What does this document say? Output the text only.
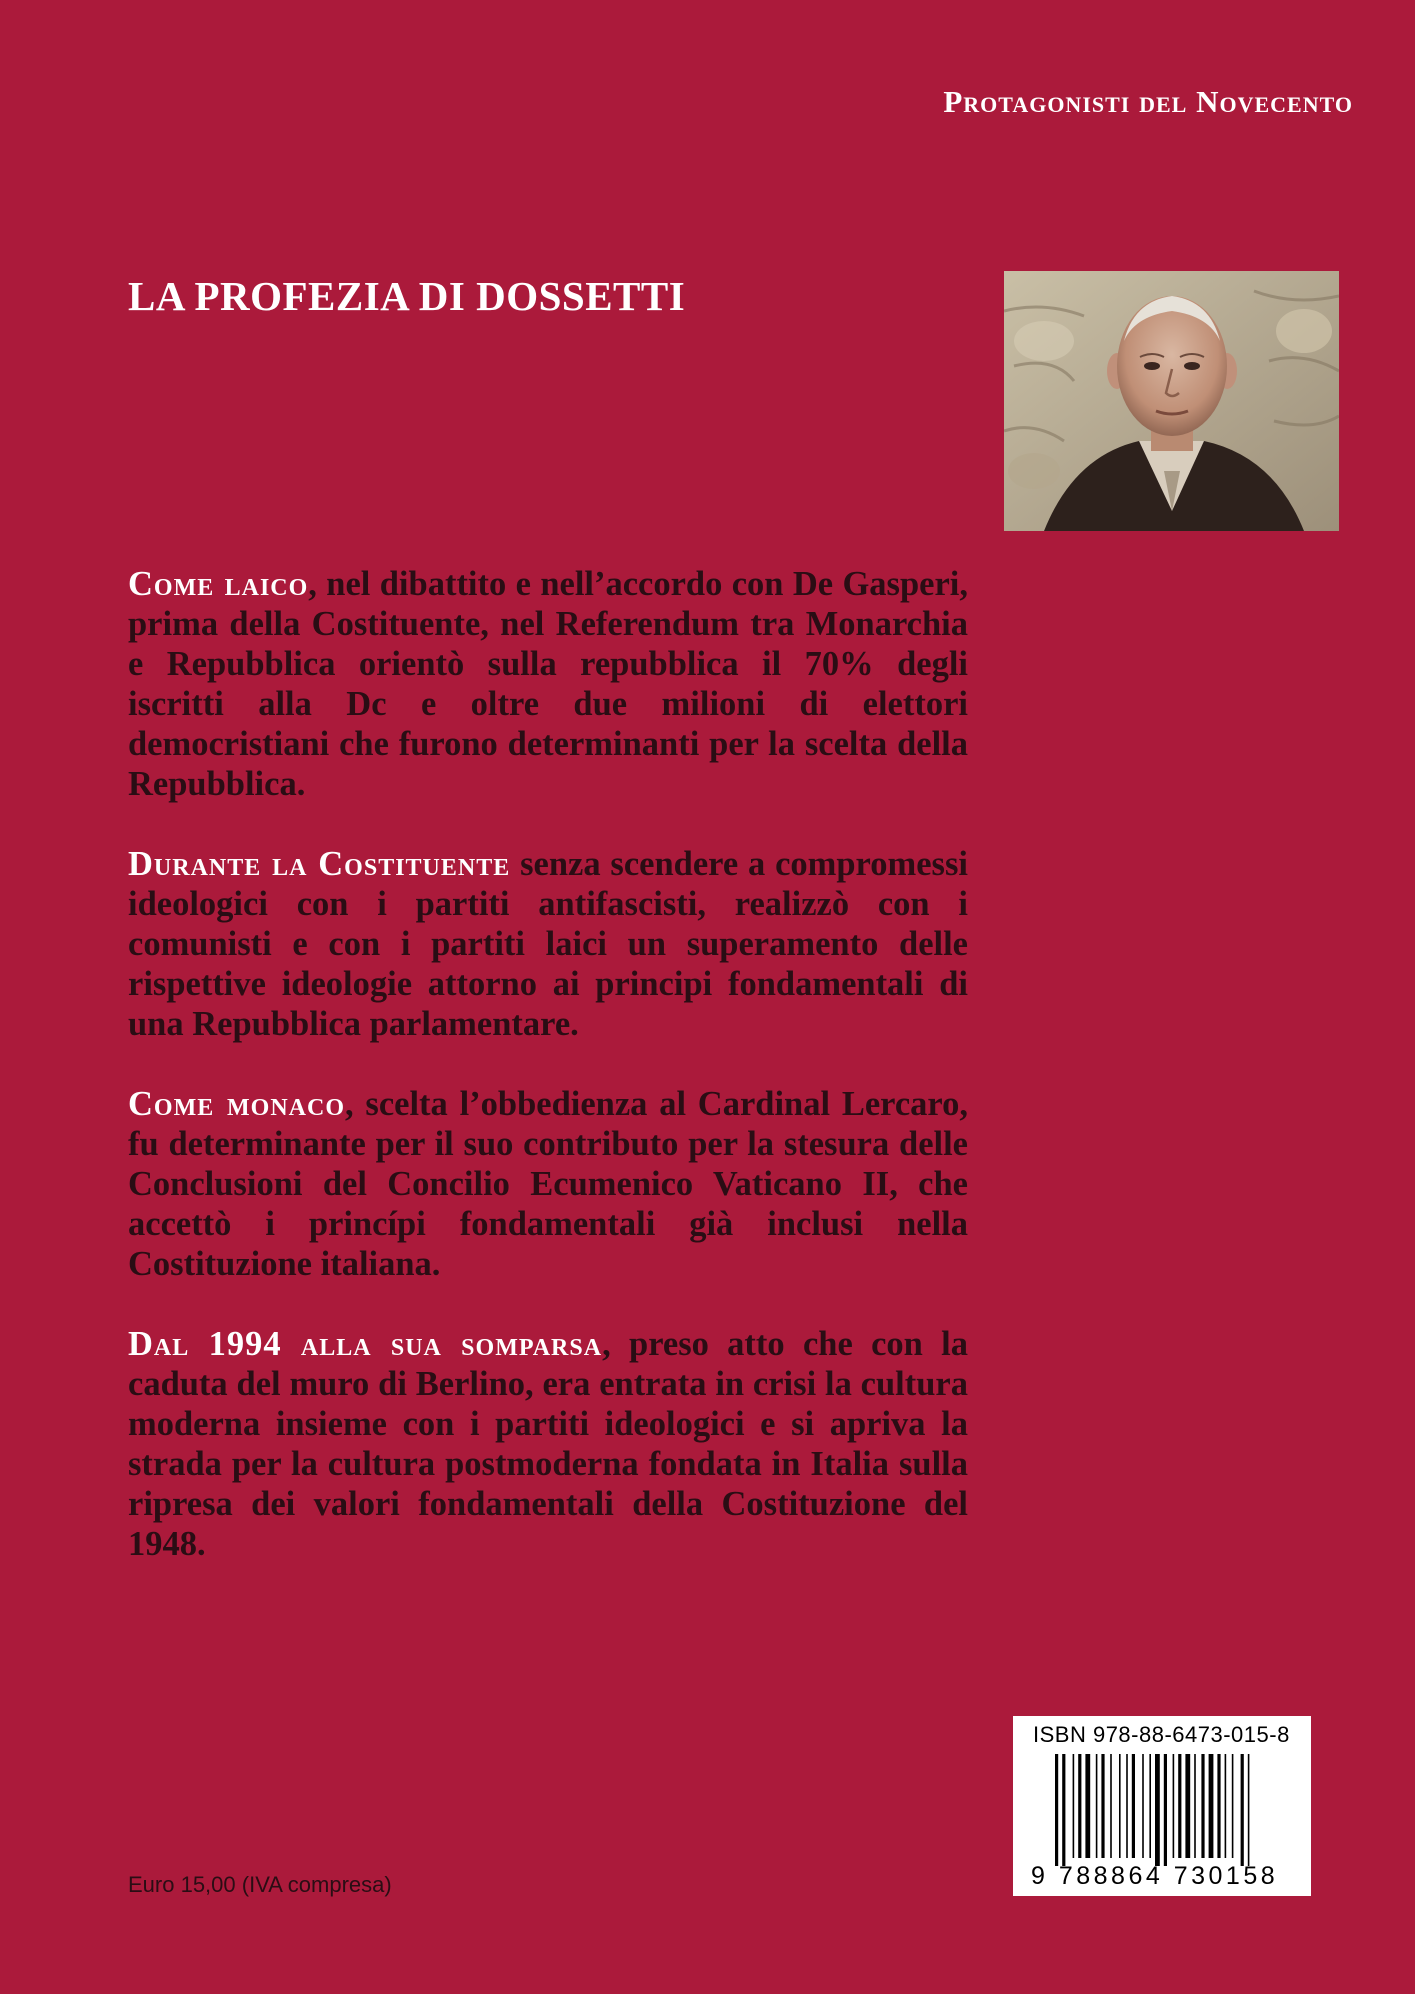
Protagonisti del Novecento
LA PROFEZIA DI DOSSETTI

Come laico, nel dibattito e nell’accordo con De Gasperi, prima della Costituente, nel Referendum tra Monarchia e Repubblica orientò sulla repubblica il 70% degli iscritti alla Dc e oltre due milioni di elettori democristiani che furono determinanti per la scelta della Repubblica.

Durante la Costituente senza scendere a compromessi ideologici con i partiti antifascisti, realizzò con i comunisti e con i partiti laici un superamento delle rispettive ideologie attorno ai principi fondamentali di una Repubblica parlamentare.

Come monaco, scelta l’obbedienza al Cardinal Lercaro, fu determinante per il suo contributo per la stesura delle Conclusioni del Concilio Ecumenico Vaticano II, che accettò i princípi fondamentali già inclusi nella Costituzione italiana.

Dal 1994 alla sua somparsa, preso atto che con la caduta del muro di Berlino, era entrata in crisi la cultura moderna insieme con i partiti ideologici e si apriva la strada per la cultura postmoderna fondata in Italia sulla ripresa dei valori fondamentali della Costituzione del 1948.

ISBN 978-88-6473-015-8
9 788864 730158
Euro 15,00 (IVA compresa)
